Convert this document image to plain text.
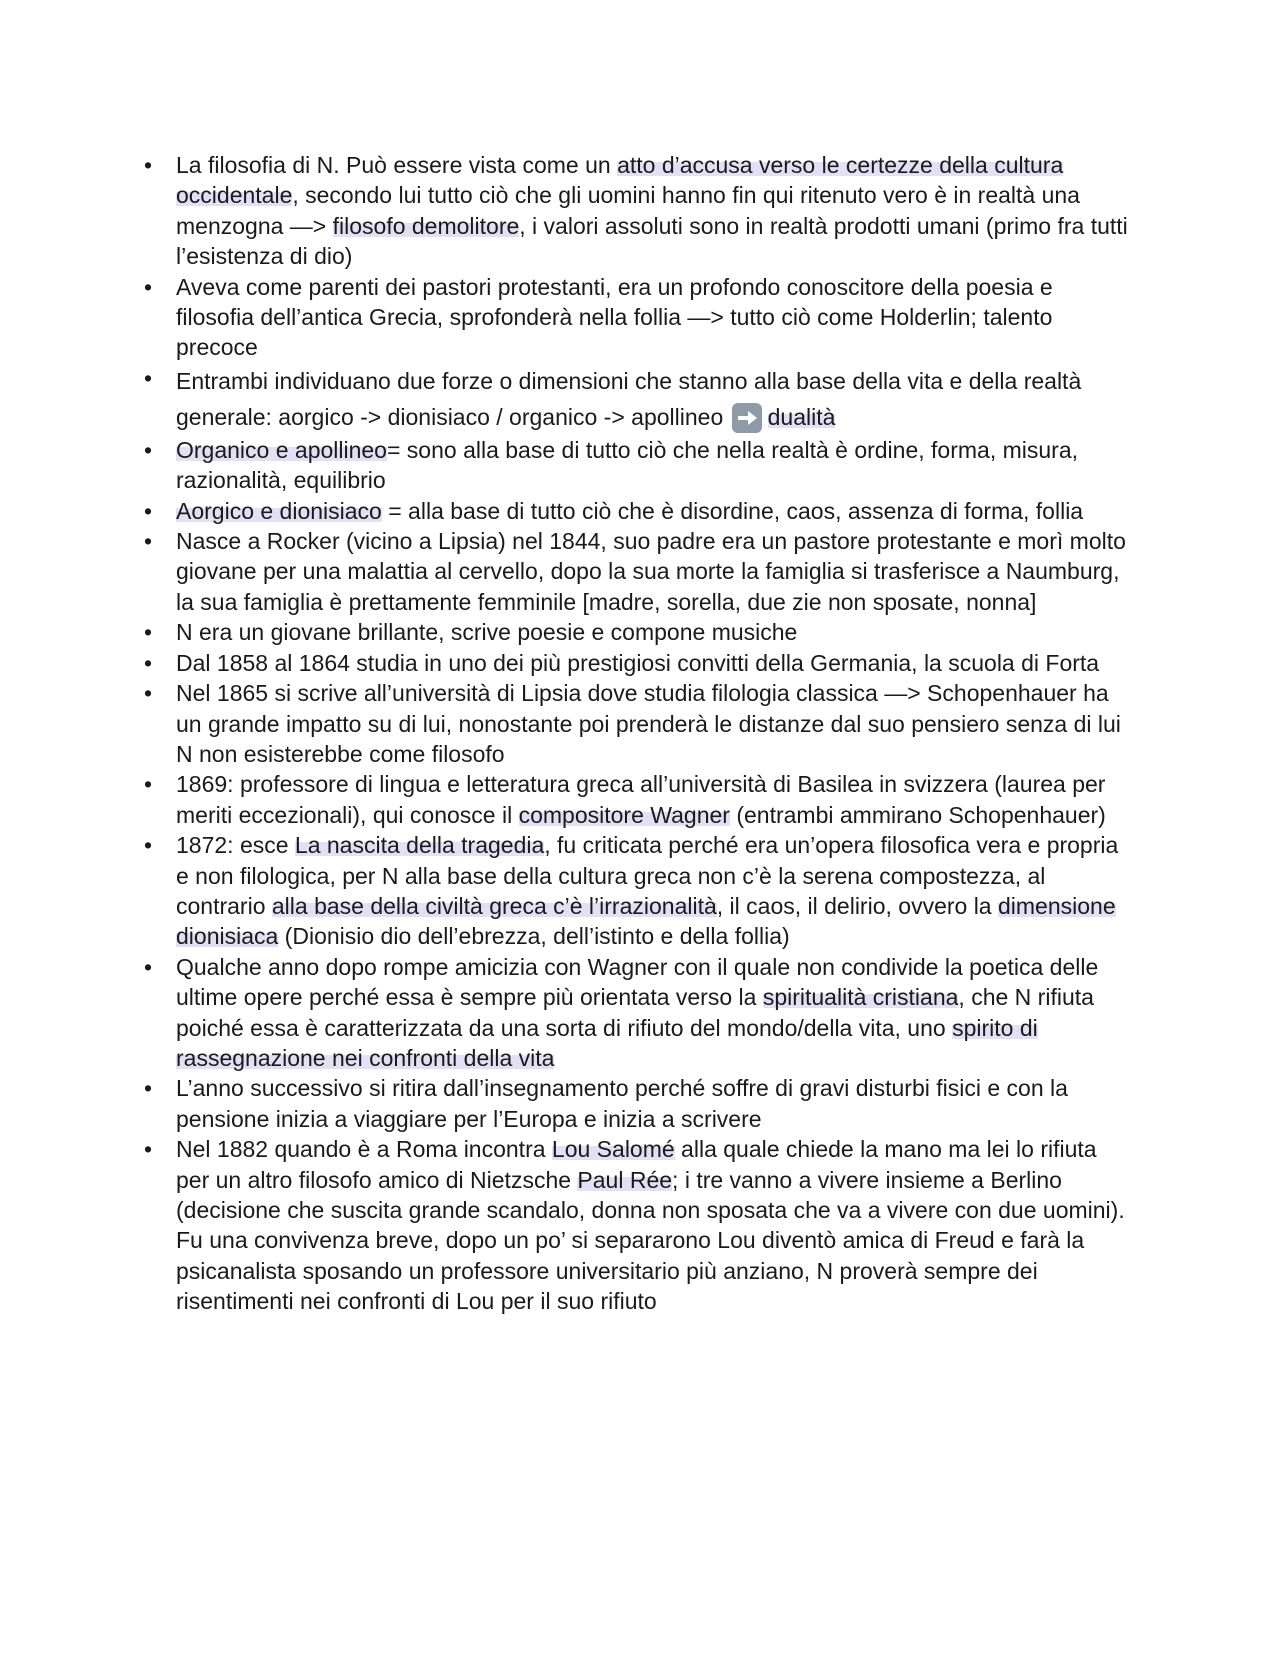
• La filosofia di N. Può essere vista come un atto d’accusa verso le certezze della cultura occidentale, secondo lui tutto ciò che gli uomini hanno fin qui ritenuto vero è in realtà una menzogna —> filosofo demolitore, i valori assoluti sono in realtà prodotti umani (primo fra tutti l’esistenza di dio)
• Aveva come parenti dei pastori protestanti, era un profondo conoscitore della poesia e filosofia dell’antica Grecia, sprofonderà nella follia —> tutto ciò come Holderlin; talento precoce
• Entrambi individuano due forze o dimensioni che stanno alla base della vita e della realtà generale: aorgico -> dionisiaco / organico -> apollineo dualità
• Organico e apollineo= sono alla base di tutto ciò che nella realtà è ordine, forma, misura, razionalità, equilibrio
• Aorgico e dionisiaco = alla base di tutto ciò che è disordine, caos, assenza di forma, follia
• Nasce a Rocker (vicino a Lipsia) nel 1844, suo padre era un pastore protestante e morì molto giovane per una malattia al cervello, dopo la sua morte la famiglia si trasferisce a Naumburg, la sua famiglia è prettamente femminile [madre, sorella, due zie non sposate, nonna]
• N era un giovane brillante, scrive poesie e compone musiche
• Dal 1858 al 1864 studia in uno dei più prestigiosi convitti della Germania, la scuola di Forta
• Nel 1865 si scrive all’università di Lipsia dove studia filologia classica —> Schopenhauer ha un grande impatto su di lui, nonostante poi prenderà le distanze dal suo pensiero senza di lui N non esisterebbe come filosofo
• 1869: professore di lingua e letteratura greca all’università di Basilea in svizzera (laurea per meriti eccezionali), qui conosce il compositore Wagner (entrambi ammirano Schopenhauer)
• 1872: esce La nascita della tragedia, fu criticata perché era un’opera filosofica vera e propria e non filologica, per N alla base della cultura greca non c’è la serena compostezza, al contrario alla base della civiltà greca c’è l’irrazionalità, il caos, il delirio, ovvero la dimensione dionisiaca (Dionisio dio dell’ebrezza, dell’istinto e della follia)
• Qualche anno dopo rompe amicizia con Wagner con il quale non condivide la poetica delle ultime opere perché essa è sempre più orientata verso la spiritualità cristiana, che N rifiuta poiché essa è caratterizzata da una sorta di rifiuto del mondo/della vita, uno spirito di rassegnazione nei confronti della vita
• L’anno successivo si ritira dall’insegnamento perché soffre di gravi disturbi fisici e con la pensione inizia a viaggiare per l’Europa e inizia a scrivere
• Nel 1882 quando è a Roma incontra Lou Salomé alla quale chiede la mano ma lei lo rifiuta per un altro filosofo amico di Nietzsche Paul Rée; i tre vanno a vivere insieme a Berlino (decisione che suscita grande scandalo, donna non sposata che va a vivere con due uomini). Fu una convivenza breve, dopo un po’ si separarono Lou diventò amica di Freud e farà la psicanalista sposando un professore universitario più anziano, N proverà sempre dei risentimenti nei confronti di Lou per il suo rifiuto
